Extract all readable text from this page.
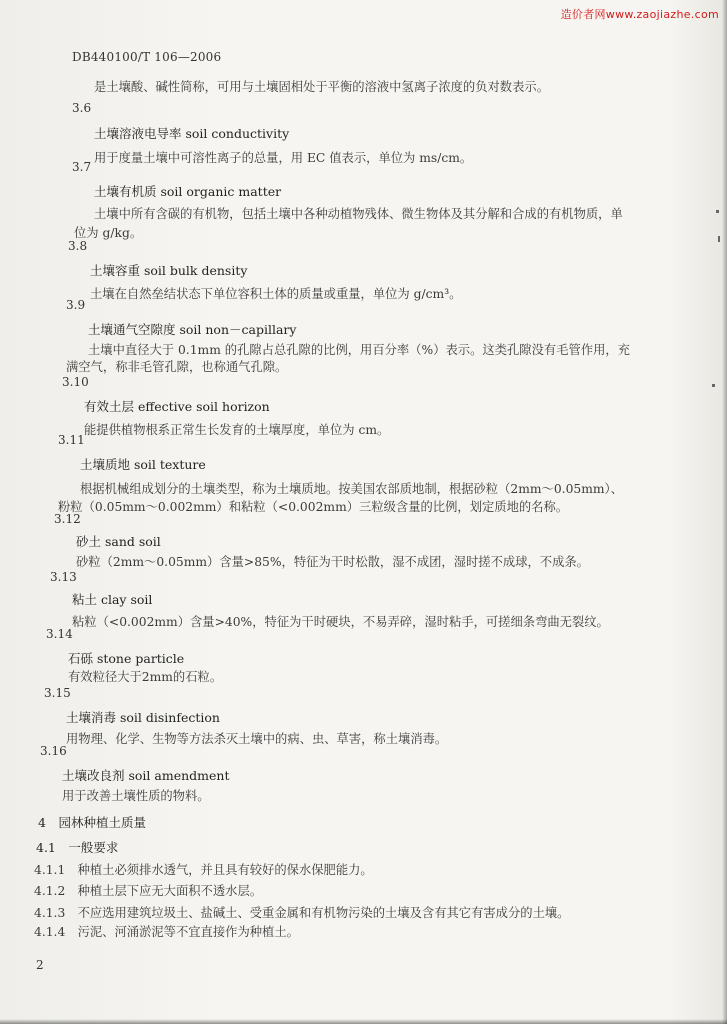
造价者网www.zaojiazhe.com
DB440100/T 106—2006
是土壤酸、碱性简称，可用与土壤固相处于平衡的溶液中氢离子浓度的负对数表示。
3.6
土壤溶液电导率 soil conductivity
用于度量土壤中可溶性离子的总量，用 EC 值表示，单位为 ms/cm。
3.7
土壤有机质 soil organic matter
土壤中所有含碳的有机物，包括土壤中各种动植物残体、微生物体及其分解和合成的有机物质，单
位为 g/kg。
3.8
土壤容重 soil bulk density
土壤在自然垒结状态下单位容积土体的质量或重量，单位为 g/cm³。
3.9
土壤通气空隙度 soil non－capillary
土壤中直径大于 0.1mm 的孔隙占总孔隙的比例，用百分率（%）表示。这类孔隙没有毛管作用，充
满空气，称非毛管孔隙，也称通气孔隙。
3.10
有效土层 effective soil horizon
能提供植物根系正常生长发育的土壤厚度，单位为 cm。
3.11
土壤质地 soil texture
根据机械组成划分的土壤类型，称为土壤质地。按美国农部质地制，根据砂粒（2mm～0.05mm）、
粉粒（0.05mm～0.002mm）和粘粒（<0.002mm）三粒级含量的比例，划定质地的名称。
3.12
砂土 sand soil
砂粒（2mm～0.05mm）含量>85%，特征为干时松散，湿不成团，湿时搓不成球，不成条。
3.13
粘土 clay soil
粘粒（<0.002mm）含量>40%，特征为干时硬块，不易弄碎，湿时粘手，可搓细条弯曲无裂纹。
3.14
石砾 stone particle
有效粒径大于2mm的石粒。
3.15
土壤消毒 soil disinfection
用物理、化学、生物等方法杀灭土壤中的病、虫、草害，称土壤消毒。
3.16
土壤改良剂 soil amendment
用于改善土壤性质的物料。
4　园林种植土质量
4.1　一般要求
4.1.1　种植土必须排水透气，并且具有较好的保水保肥能力。
4.1.2　种植土层下应无大面积不透水层。
4.1.3　不应选用建筑垃圾土、盐碱土、受重金属和有机物污染的土壤及含有其它有害成分的土壤。
4.1.4　污泥、河涌淤泥等不宜直接作为种植土。
2
